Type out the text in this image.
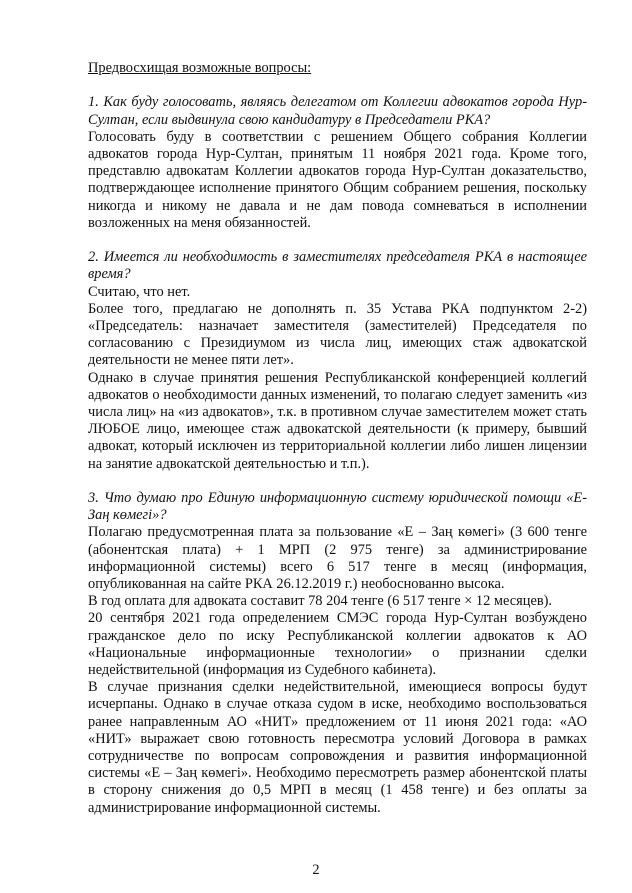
Предвосхищая возможные вопросы:

1. Как буду голосовать, являясь делегатом от Коллегии адвокатов города Нур-Султан, если выдвинула свою кандидатуру в Председатели РКА?

Голосовать буду в соответствии с решением Общего собрания Коллегии адвокатов города Нур-Султан, принятым 11 ноября 2021 года. Кроме того, представлю адвокатам Коллегии адвокатов города Нур-Султан доказательство, подтверждающее исполнение принятого Общим собранием решения, поскольку никогда и никому не давала и не дам повода сомневаться в исполнении возложенных на меня обязанностей.

2. Имеется ли необходимость в заместителях председателя РКА в настоящее время?

Считаю, что нет.

Более того, предлагаю не дополнять п. 35 Устава РКА подпунктом 2-2) «Председатель: назначает заместителя (заместителей) Председателя по согласованию с Президиумом из числа лиц, имеющих стаж адвокатской деятельности не менее пяти лет».

Однако в случае принятия решения Республиканской конференцией коллегий адвокатов о необходимости данных изменений, то полагаю следует заменить «из числа лиц» на «из адвокатов», т.к. в противном случае заместителем может стать ЛЮБОЕ лицо, имеющее стаж адвокатской деятельности (к примеру, бывший адвокат, который исключен из территориальной коллегии либо лишен лицензии на занятие адвокатской деятельностью и т.п.).

3. Что думаю про Единую информационную систему юридической помощи «Е-Заң көмегі»?

Полагаю предусмотренная плата за пользование «Е – Заң көмегі» (3 600 тенге (абонентская плата) + 1 МРП (2 975 тенге) за администрирование информационной системы) всего 6 517 тенге в месяц (информация, опубликованная на сайте РКА 26.12.2019 г.) необоснованно высока.

В год оплата для адвоката составит 78 204 тенге (6 517 тенге × 12 месяцев).

20 сентября 2021 года определением СМЭС города Нур-Султан возбуждено гражданское дело по иску Республиканской коллегии адвокатов к АО «Национальные информационные технологии» о признании сделки недействительной (информация из Судебного кабинета).

В случае признания сделки недействительной, имеющиеся вопросы будут исчерпаны. Однако в случае отказа судом в иске, необходимо воспользоваться ранее направленным АО «НИТ» предложением от 11 июня 2021 года: «АО «НИТ» выражает свою готовность пересмотра условий Договора в рамках сотрудничестве по вопросам сопровождения и развития информационной системы «Е – Заң көмегі». Необходимо пересмотреть размер абонентской платы в сторону снижения до 0,5 МРП в месяц (1 458 тенге) и без оплаты за администрирование информационной системы.

2
